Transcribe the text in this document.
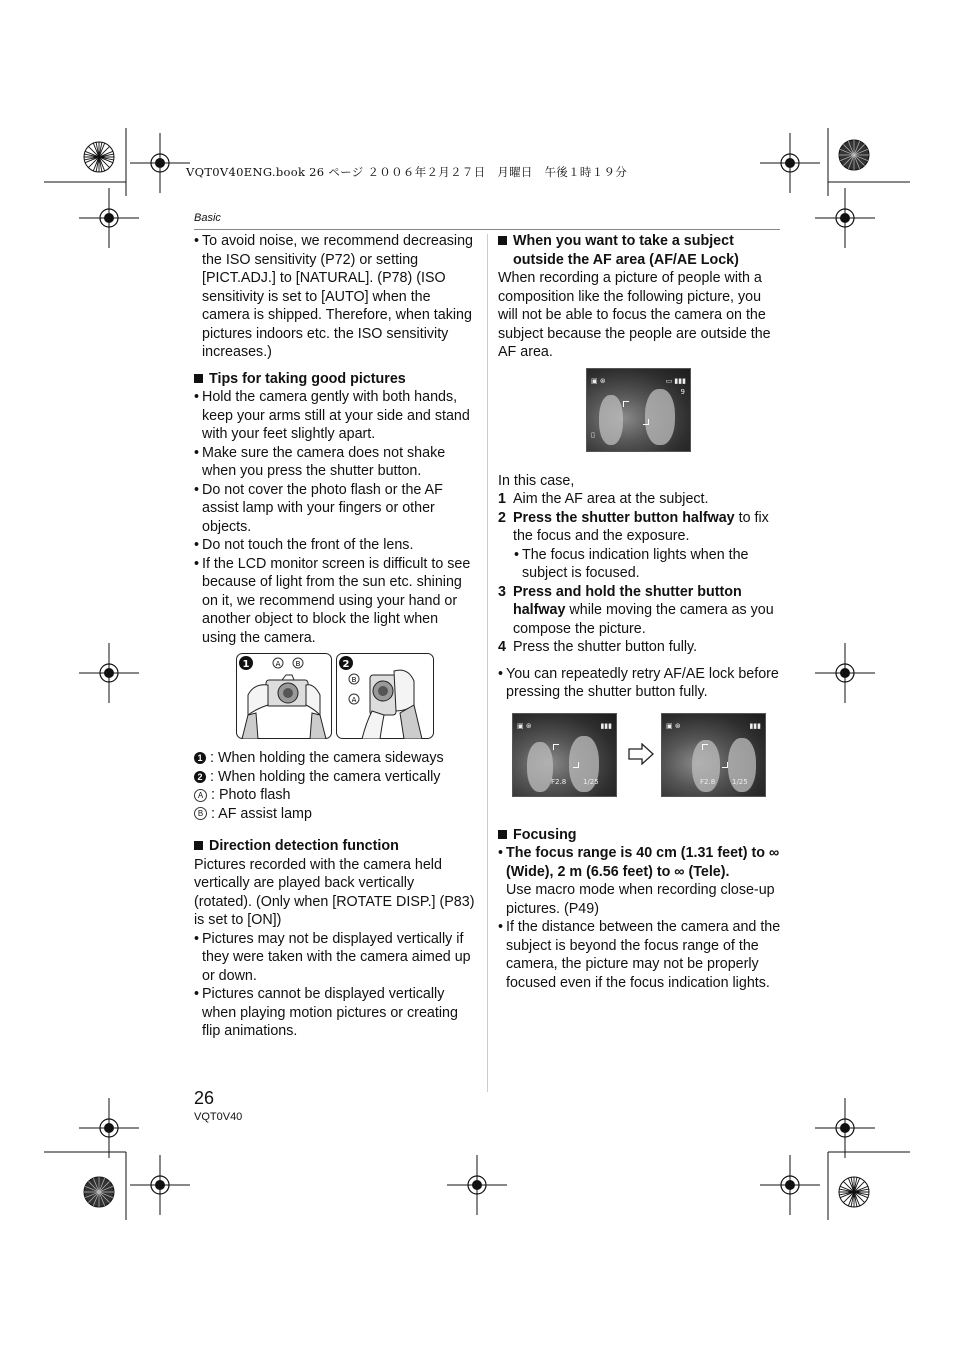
VQT0V40ENG.book 26 ページ ２００６年２月２７日　月曜日　午後１時１９分
Basic

• To avoid noise, we recommend decreasing the ISO sensitivity (P72) or setting [PICT.ADJ.] to [NATURAL]. (P78) (ISO sensitivity is set to [AUTO] when the camera is shipped. Therefore, when taking pictures indoors etc. the ISO sensitivity increases.)

Tips for taking good pictures

• Hold the camera gently with both hands, keep your arms still at your side and stand with your feet slightly apart.

• Make sure the camera does not shake when you press the shutter button.

• Do not cover the photo flash or the AF assist lamp with your fingers or other objects.

• Do not touch the front of the lens.

• If the LCD monitor screen is difficult to see because of light from the sun etc. shining on it, we recommend using your hand or another object to block the light when using the camera.

1	A B	2
B
A

1 : When holding the camera sideways

2 : When holding the camera vertically

A : Photo flash

B : AF assist lamp

Direction detection function

Pictures recorded with the camera held vertically are played back vertically (rotated). (Only when [ROTATE DISP.] (P83) is set to [ON])

• Pictures may not be displayed vertically if they were taken with the camera aimed up or down.

• Pictures cannot be displayed vertically when playing motion pictures or creating flip animations.

When you want to take a subject

outside the AF area (AF/AE Lock)

When recording a picture of people with a composition like the following picture, you will not be able to focus the camera on the subject because the people are outside the AF area.

▣ ⊛	▭ ▮▮▮
9
▯

In this case,

1 Aim the AF area at the subject.

2 Press the shutter button halfway to fix the focus and the exposure.

• The focus indication lights when the subject is focused.

3 Press and hold the shutter button halfway while moving the camera as you compose the picture.

4 Press the shutter button fully.

• You can repeatedly retry AF/AE lock before pressing the shutter button fully.

▣ ⊛	▮▮▮
F2.8 1/25
▣ ⊛	▮▮▮
F2.8 1/25

Focusing

• The focus range is 40 cm (1.31 feet) to ∞ (Wide), 2 m (6.56 feet) to ∞ (Tele).
Use macro mode when recording close-up pictures. (P49)

• If the distance between the camera and the subject is beyond the focus range of the camera, the picture may not be properly focused even if the focus indication lights.

26
VQT0V40
